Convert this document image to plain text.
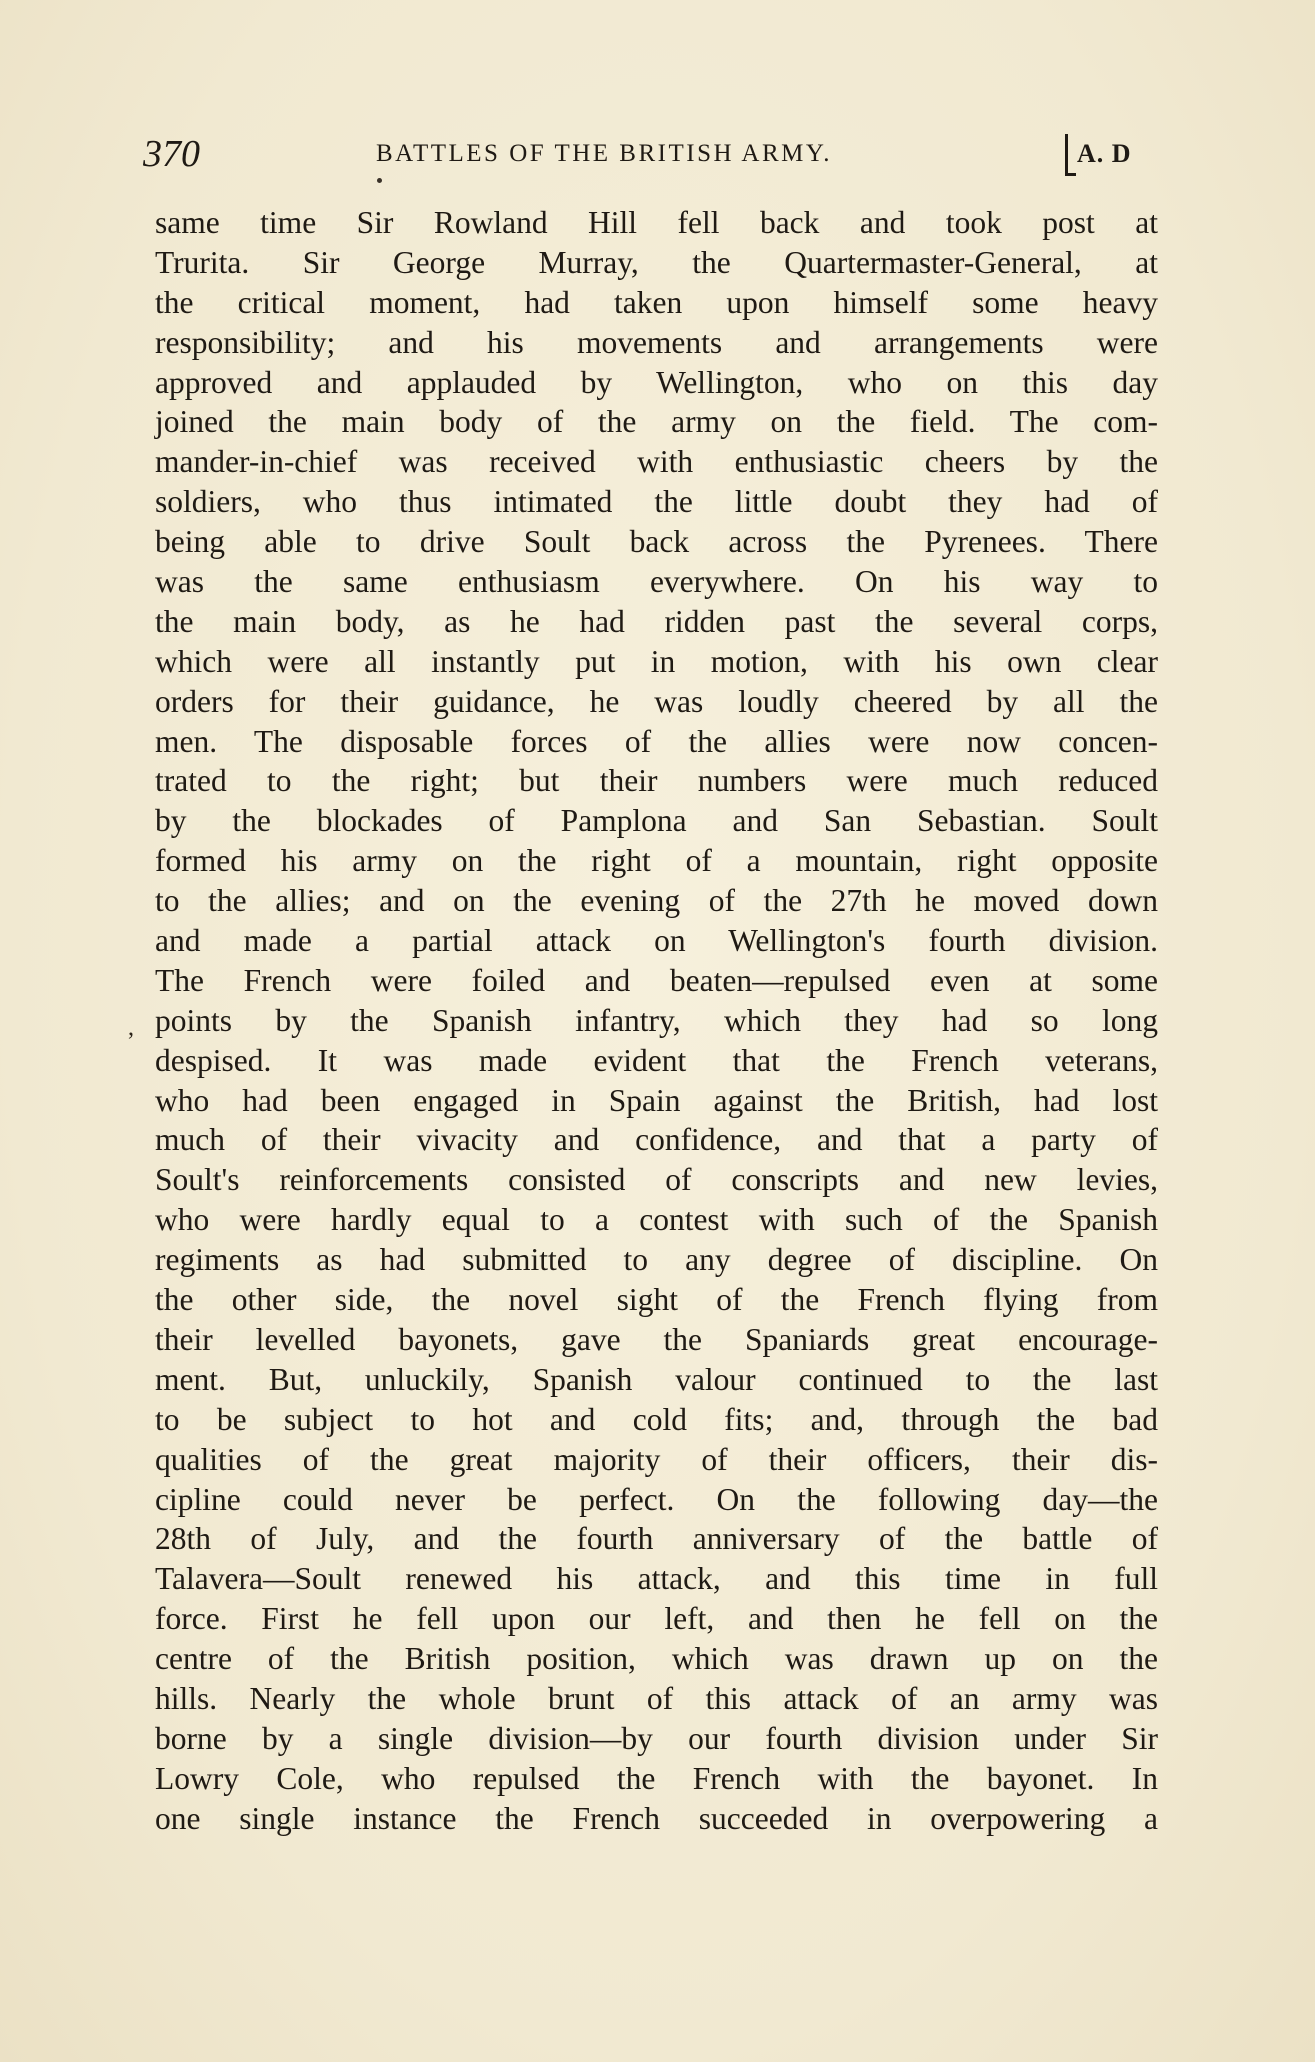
370	BATTLES OF THE BRITISH ARMY.	A. D
,
same time Sir Rowland Hill fell back and took post at
Trurita. Sir George Murray, the Quartermaster-General, at
the critical moment, had taken upon himself some heavy
responsibility; and his movements and arrangements were
approved and applauded by Wellington, who on this day
joined the main body of the army on the field. The com-
mander-in-chief was received with enthusiastic cheers by the
soldiers, who thus intimated the little doubt they had of
being able to drive Soult back across the Pyrenees. There
was the same enthusiasm everywhere. On his way to
the main body, as he had ridden past the several corps,
which were all instantly put in motion, with his own clear
orders for their guidance, he was loudly cheered by all the
men. The disposable forces of the allies were now concen-
trated to the right; but their numbers were much reduced
by the blockades of Pamplona and San Sebastian. Soult
formed his army on the right of a mountain, right opposite
to the allies; and on the evening of the 27th he moved down
and made a partial attack on Wellington's fourth division.
The French were foiled and beaten—repulsed even at some
points by the Spanish infantry, which they had so long
despised. It was made evident that the French veterans,
who had been engaged in Spain against the British, had lost
much of their vivacity and confidence, and that a party of
Soult's reinforcements consisted of conscripts and new levies,
who were hardly equal to a contest with such of the Spanish
regiments as had submitted to any degree of discipline. On
the other side, the novel sight of the French flying from
their levelled bayonets, gave the Spaniards great encourage-
ment. But, unluckily, Spanish valour continued to the last
to be subject to hot and cold fits; and, through the bad
qualities of the great majority of their officers, their dis-
cipline could never be perfect. On the following day—the
28th of July, and the fourth anniversary of the battle of
Talavera—Soult renewed his attack, and this time in full
force. First he fell upon our left, and then he fell on the
centre of the British position, which was drawn up on the
hills. Nearly the whole brunt of this attack of an army was
borne by a single division—by our fourth division under Sir
Lowry Cole, who repulsed the French with the bayonet. In
one single instance the French succeeded in overpowering a
